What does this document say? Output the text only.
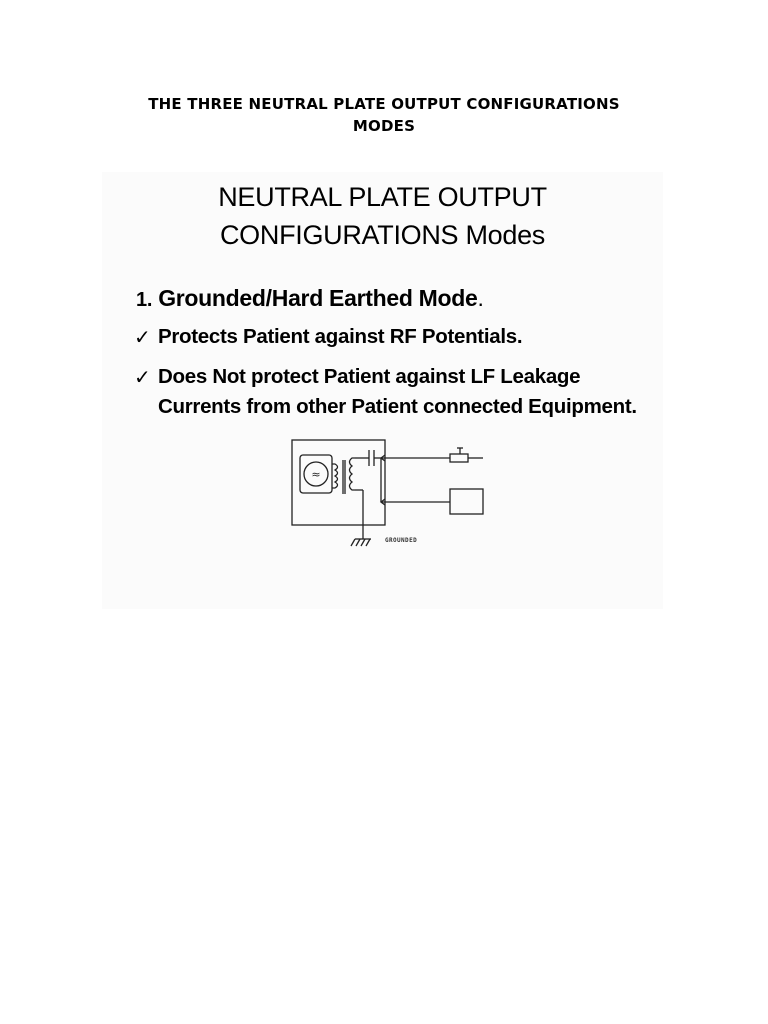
THE THREE NEUTRAL PLATE OUTPUT CONFIGURATIONS
MODES
NEUTRAL PLATE OUTPUT
CONFIGURATIONS Modes
1. Grounded/Hard Earthed Mode.
✓ Protects Patient against RF Potentials.
✓ Does Not protect Patient against LF Leakage Currents from other Patient connected Equipment.
≈
GROUNDED
